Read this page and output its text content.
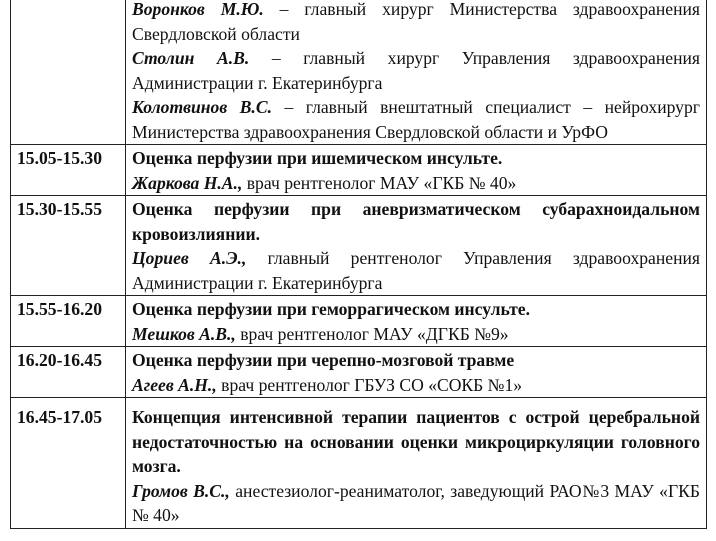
	Воронков М.Ю. – главный хирург Министерства здравоохранения Свердловской области
Столин А.В. – главный хирург Управления здравоохранения Администрации г. Екатеринбурга
Колотвинов В.С. – главный внештатный специалист – нейрохирург Министерства здравоохранения Свердловской области и УрФО

15.05-15.30	Оценка перфузии при ишемическом инсульте.
Жаркова Н.А., врач рентгенолог МАУ «ГКБ № 40»

15.30-15.55	Оценка перфузии при аневризматическом субарахноидальном кровоизлиянии.
Цориев А.Э., главный рентгенолог Управления здравоохранения Администрации г. Екатеринбурга

15.55-16.20	Оценка перфузии при геморрагическом инсульте.
Мешков А.В., врач рентгенолог МАУ «ДГКБ №9»

16.20-16.45	Оценка перфузии при черепно-мозговой травме
Агеев А.Н., врач рентгенолог ГБУЗ СО «СОКБ №1»

16.45-17.05	Концепция интенсивной терапии пациентов с острой церебральной недостаточностью на основании оценки микроциркуляции головного мозга.
Громов В.С., анестезиолог-реаниматолог, заведующий РАО№3 МАУ «ГКБ № 40»
